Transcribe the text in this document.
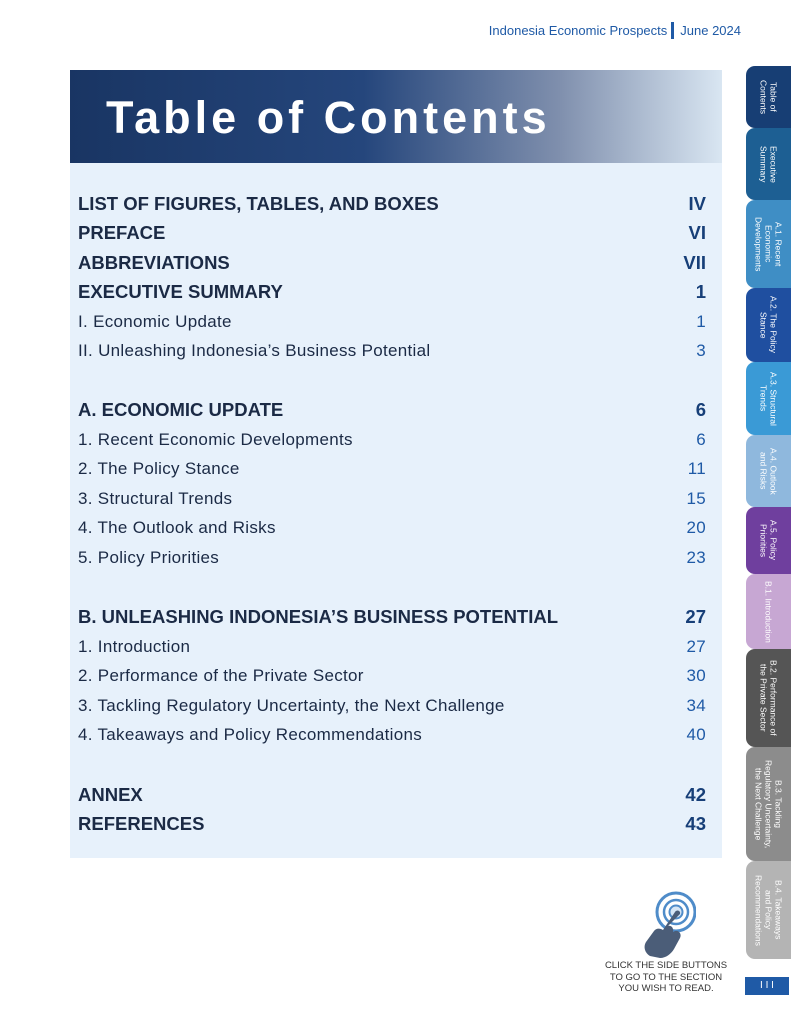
Indonesia Economic Prospects June 2024
Table of Contents
LIST OF FIGURES, TABLES, AND BOXES	IV
PREFACE	VI
ABBREVIATIONS	VII
EXECUTIVE SUMMARY	1
I. Economic Update	1
II. Unleashing Indonesia’s Business Potential	3
A. ECONOMIC UPDATE	6
1. Recent Economic Developments	6
2. The Policy Stance	11
3. Structural Trends	15
4. The Outlook and Risks	20
5. Policy Priorities	23
B. UNLEASHING INDONESIA’S BUSINESS POTENTIAL	27
1. Introduction	27
2. Performance of the Private Sector	30
3. Tackling Regulatory Uncertainty, the Next Challenge	34
4. Takeaways and Policy Recommendations	40
ANNEX	42
REFERENCES	43
Table of
Contents
Executive
Summary
A.1. Recent
Economic
Developments
A.2. The Policy
Stance
A.3. Structural
Trends
A.4. Outlook
and Risks
A.5. Policy
Priorities
B.1. Introduction
B.2. Performance of
the Private Sector
B.3. Tackling
Regulatory Uncertainty,
the Next Challenge
B.4. Takeaways
and Policy
Recommendations
CLICK THE SIDE BUTTONS TO GO TO THE SECTION YOU WISH TO READ.	I I I
